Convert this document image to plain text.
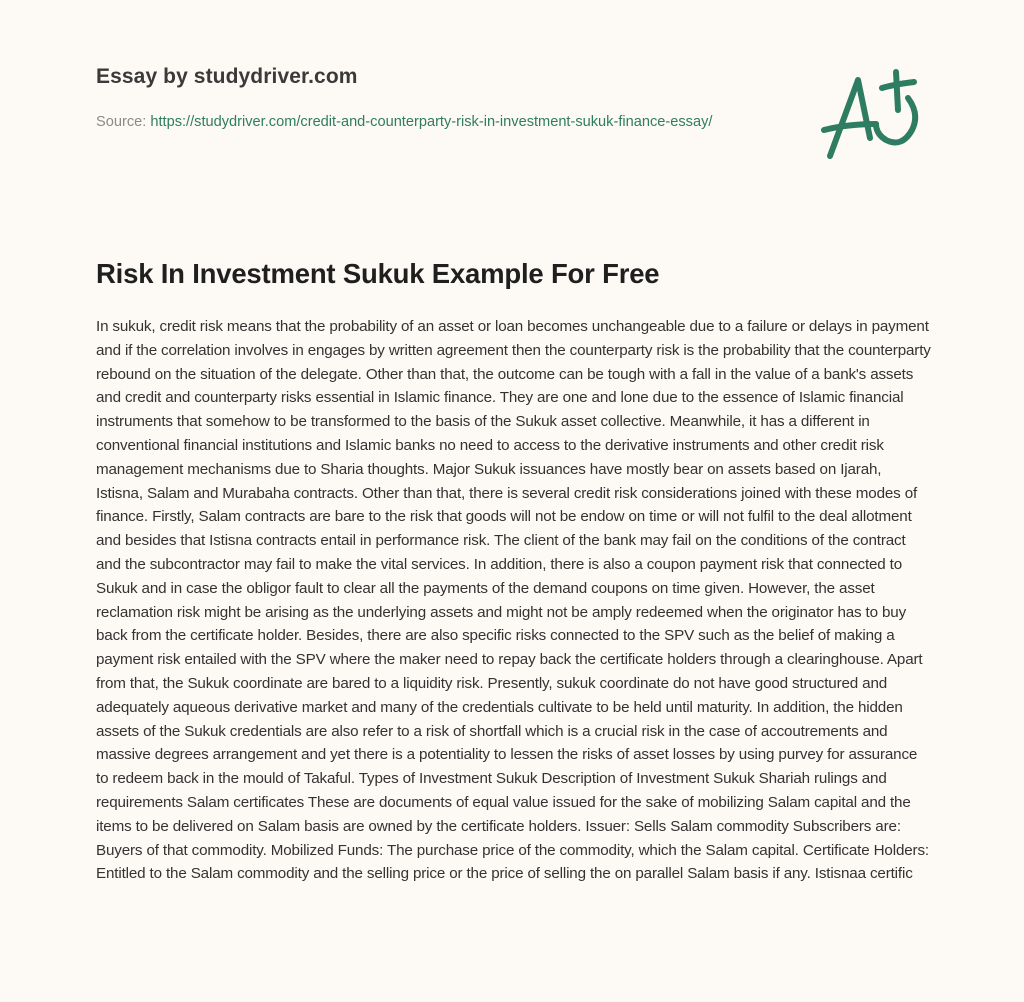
Essay by studydriver.com
Source: https://studydriver.com/credit-and-counterparty-risk-in-investment-sukuk-finance-essay/
Risk In Investment Sukuk Example For Free

In sukuk, credit risk means that the probability of an asset or loan becomes unchangeable due to a failure or delays in payment and if the correlation involves in engages by written agreement then the counterparty risk is the probability that the counterparty rebound on the situation of the delegate. Other than that, the outcome can be tough with a fall in the value of a bank's assets and credit and counterparty risks essential in Islamic finance. They are one and lone due to the essence of Islamic financial instruments that somehow to be transformed to the basis of the Sukuk asset collective. Meanwhile, it has a different in conventional financial institutions and Islamic banks no need to access to the derivative instruments and other credit risk management mechanisms due to Sharia thoughts. Major Sukuk issuances have mostly bear on assets based on Ijarah, Istisna, Salam and Murabaha contracts. Other than that, there is several credit risk considerations joined with these modes of finance. Firstly, Salam contracts are bare to the risk that goods will not be endow on time or will not fulfil to the deal allotment and besides that Istisna contracts entail in performance risk. The client of the bank may fail on the conditions of the contract and the subcontractor may fail to make the vital services. In addition, there is also a coupon payment risk that connected to Sukuk and in case the obligor fault to clear all the payments of the demand coupons on time given. However, the asset reclamation risk might be arising as the underlying assets and might not be amply redeemed when the originator has to buy back from the certificate holder. Besides, there are also specific risks connected to the SPV such as the belief of making a payment risk entailed with the SPV where the maker need to repay back the certificate holders through a clearinghouse. Apart from that, the Sukuk coordinate are bared to a liquidity risk. Presently, sukuk coordinate do not have good structured and adequately aqueous derivative market and many of the credentials cultivate to be held until maturity. In addition, the hidden assets of the Sukuk credentials are also refer to a risk of shortfall which is a crucial risk in the case of accoutrements and massive degrees arrangement and yet there is a potentiality to lessen the risks of asset losses by using purvey for assurance to redeem back in the mould of Takaful. Types of Investment Sukuk Description of Investment Sukuk Shariah rulings and requirements Salam certificates These are documents of equal value issued for the sake of mobilizing Salam capital and the items to be delivered on Salam basis are owned by the certificate holders. Issuer: Sells Salam commodity Subscribers are: Buyers of that commodity. Mobilized Funds: The purchase price of the commodity, which the Salam capital. Certificate Holders: Entitled to the Salam commodity and the selling price or the price of selling the on parallel Salam basis if any. Istisnaa certific
